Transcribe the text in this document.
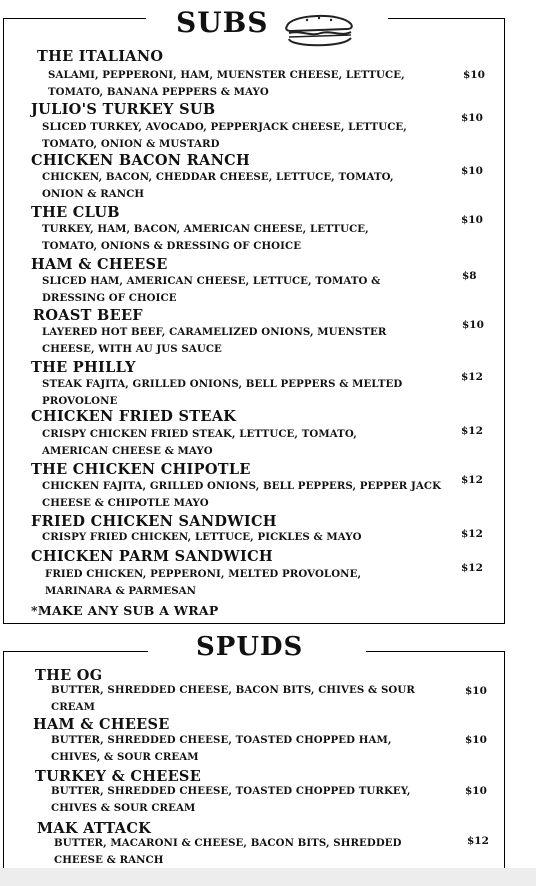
SUBS
THE ITALIANO
SALAMI, PEPPERONI, HAM, MUENSTER CHEESE, LETTUCE, TOMATO, BANANA PEPPERS & MAYO
$10
JULIO'S TURKEY SUB
SLICED TURKEY, AVOCADO, PEPPERJACK CHEESE, LETTUCE, TOMATO, ONION & MUSTARD
$10
CHICKEN BACON RANCH
CHICKEN, BACON, CHEDDAR CHEESE, LETTUCE, TOMATO, ONION & RANCH
$10
THE CLUB
TURKEY, HAM, BACON, AMERICAN CHEESE, LETTUCE, TOMATO, ONIONS & DRESSING OF CHOICE
$10
HAM & CHEESE
SLICED HAM, AMERICAN CHEESE, LETTUCE, TOMATO & DRESSING OF CHOICE
$8
ROAST BEEF
LAYERED HOT BEEF, CARAMELIZED ONIONS, MUENSTER CHEESE, WITH AU JUS SAUCE
$10
THE PHILLY
STEAK FAJITA, GRILLED ONIONS, BELL PEPPERS & MELTED PROVOLONE
$12
CHICKEN FRIED STEAK
CRISPY CHICKEN FRIED STEAK, LETTUCE, TOMATO, AMERICAN CHEESE & MAYO
$12
THE CHICKEN CHIPOTLE
CHICKEN FAJITA, GRILLED ONIONS, BELL PEPPERS, PEPPER JACK CHEESE & CHIPOTLE MAYO
$12
FRIED CHICKEN SANDWICH
CRISPY FRIED CHICKEN, LETTUCE, PICKLES & MAYO	$12
CHICKEN PARM SANDWICH
FRIED CHICKEN, PEPPERONI, MELTED PROVOLONE, MARINARA & PARMESAN
$12
*MAKE ANY SUB A WRAP
SPUDS
THE OG
BUTTER, SHREDDED CHEESE, BACON BITS, CHIVES & SOUR CREAM
$10
HAM & CHEESE
BUTTER, SHREDDED CHEESE, TOASTED CHOPPED HAM, CHIVES, & SOUR CREAM
$10
TURKEY & CHEESE
BUTTER, SHREDDED CHEESE, TOASTED CHOPPED TURKEY, CHIVES & SOUR CREAM
$10
MAK ATTACK
BUTTER, MACARONI & CHEESE, BACON BITS, SHREDDED CHEESE & RANCH
$12
